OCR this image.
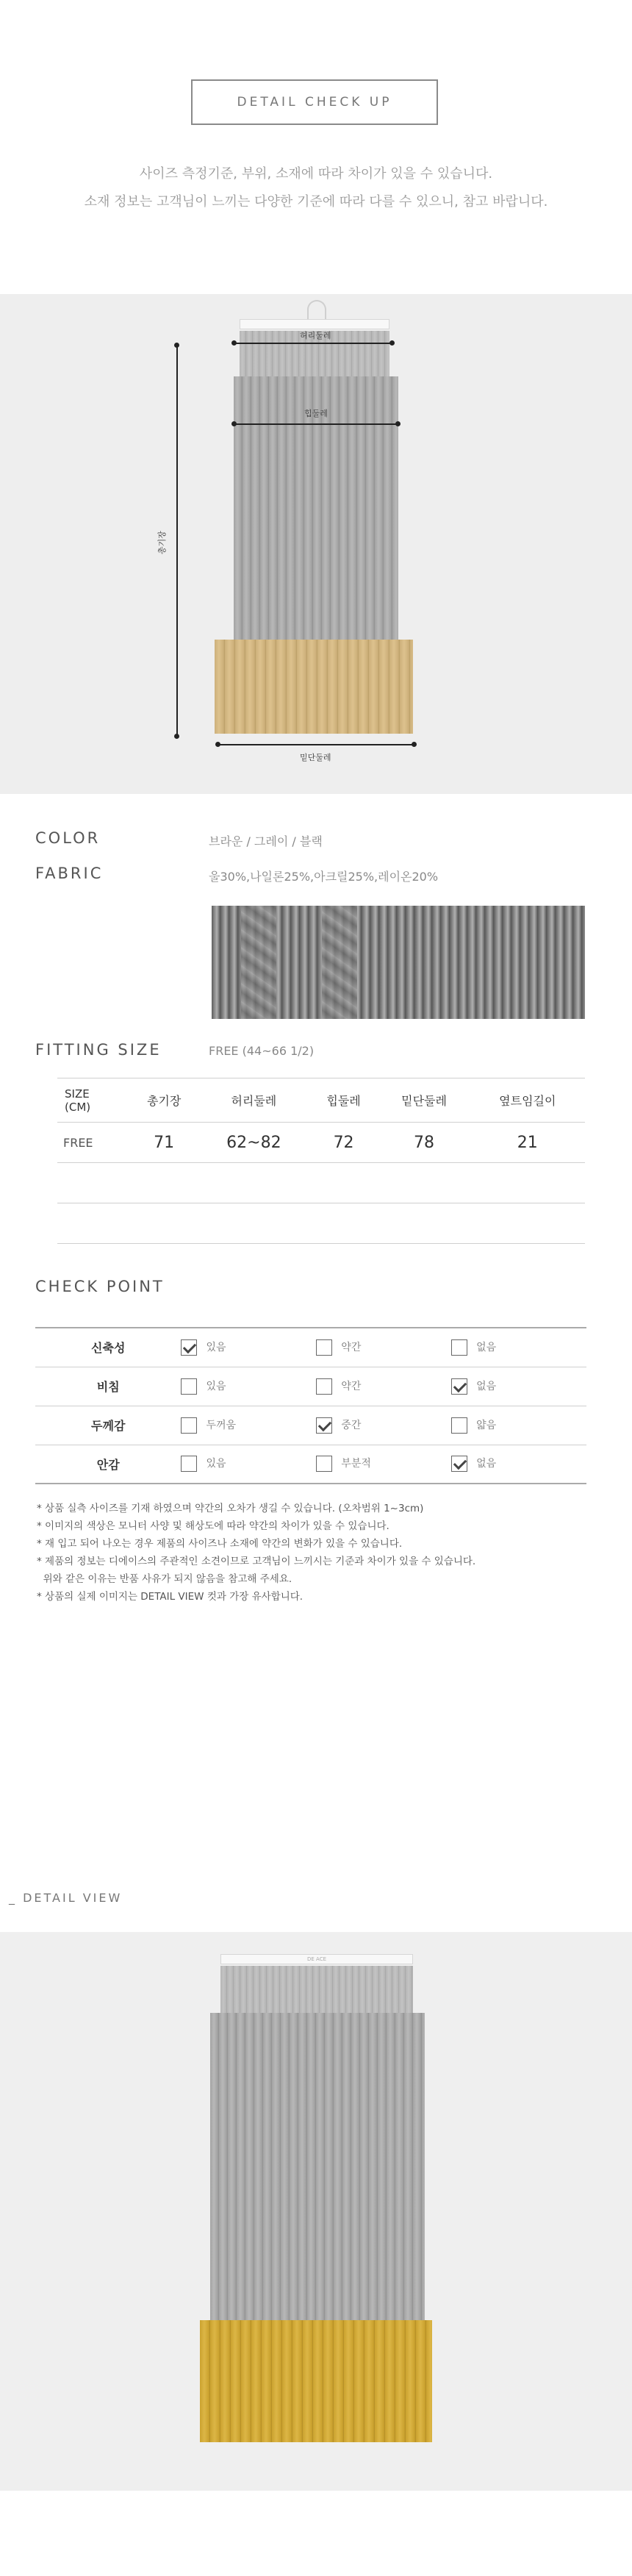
DETAIL CHECK UP
사이즈 측정기준, 부위, 소재에 따라 차이가 있을 수 있습니다.
소재 정보는 고객님이 느끼는 다양한 기준에 따라 다를 수 있으니, 참고 바랍니다.
허리둘레
힙둘레
총기장
밑단둘레
COLOR	브라운 / 그레이 / 블랙
FABRIC	울30%,나일론25%,아크릴25%,레이온20%
FITTING SIZE	FREE (44~66 1/2)
SIZE
(CM)	총기장	허리둘레	힙둘레	밑단둘레	옆트임길이
FREE	71	62~82	72	78	21

CHECK POINT
신축성	있음	약간	없음
비침	있음	약간	없음
두께감	두꺼움	중간	얇음
안감	있음	부분적	없음
* 상품 실측 사이즈를 기재 하였으며 약간의 오차가 생길 수 있습니다. (오차범위 1~3cm)
* 이미지의 색상은 모니터 사양 및 해상도에 따라 약간의 차이가 있을 수 있습니다.
* 재 입고 되어 나오는 경우 제품의 사이즈나 소재에 약간의 변화가 있을 수 있습니다.
* 제품의 정보는 디에이스의 주관적인 소견이므로 고객님이 느끼시는 기준과 차이가 있을 수 있습니다.
위와 같은 이유는 반품 사유가 되지 않음을 참고해 주세요.
* 상품의 실제 이미지는 DETAIL VIEW 컷과 가장 유사합니다.
_ DETAIL VIEW
DE ACE
